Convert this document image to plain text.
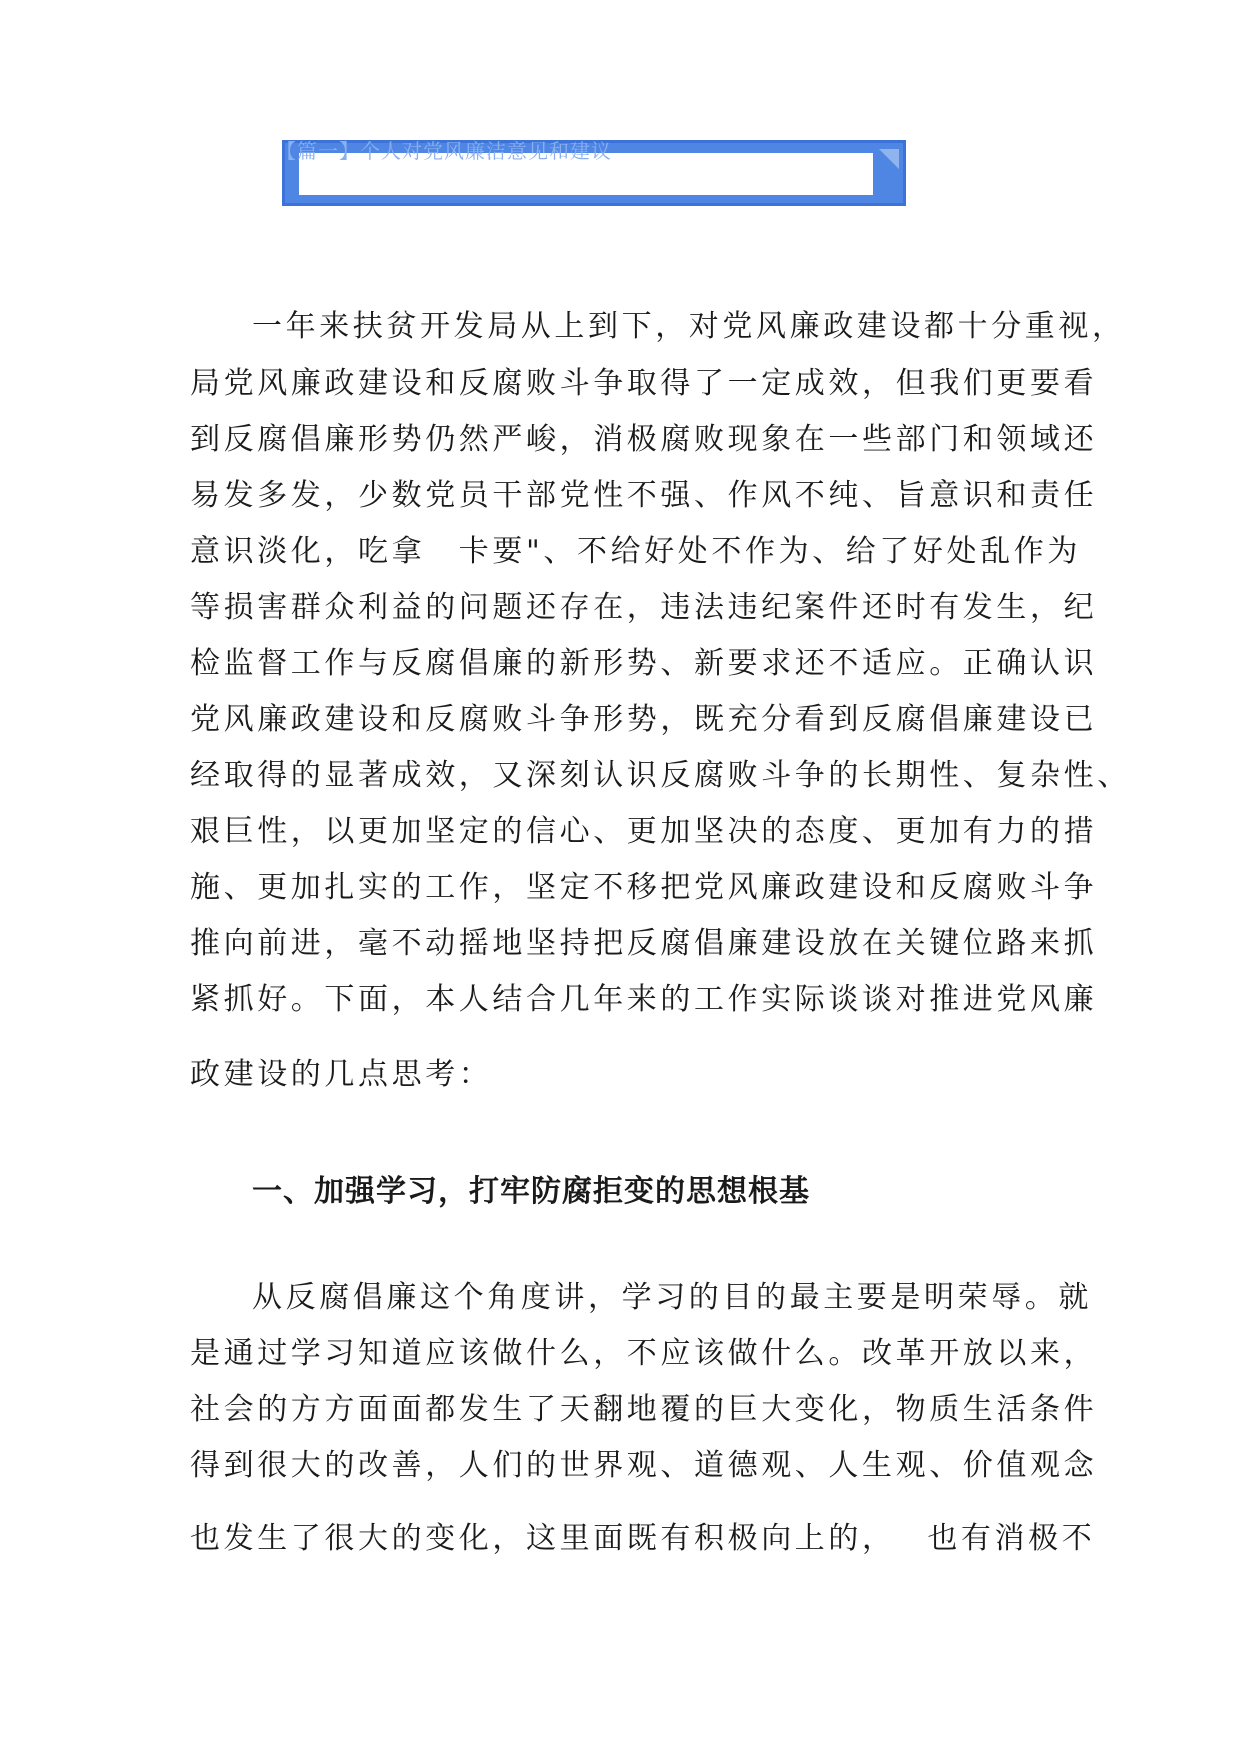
【篇一】个人对党风廉洁意见和建议

一年来扶贫开发局从上到下，对党风廉政建设都十分重视，

局党风廉政建设和反腐败斗争取得了一定成效，但我们更要看

到反腐倡廉形势仍然严峻，消极腐败现象在一些部门和领域还

易发多发，少数党员干部党性不强、作风不纯、旨意识和责任

意识淡化，吃拿　卡要"、不给好处不作为、给了好处乱作为

等损害群众利益的问题还存在，违法违纪案件还时有发生，纪

检监督工作与反腐倡廉的新形势、新要求还不适应。正确认识

党风廉政建设和反腐败斗争形势，既充分看到反腐倡廉建设已

经取得的显著成效，又深刻认识反腐败斗争的长期性、复杂性、

艰巨性，以更加坚定的信心、更加坚决的态度、更加有力的措

施、更加扎实的工作，坚定不移把党风廉政建设和反腐败斗争

推向前进，毫不动摇地坚持把反腐倡廉建设放在关键位路来抓

紧抓好。下面，本人结合几年来的工作实际谈谈对推进党风廉

政建设的几点思考：

一、加强学习，打牢防腐拒变的思想根基

从反腐倡廉这个角度讲，学习的目的最主要是明荣辱。就

是通过学习知道应该做什么，不应该做什么。改革开放以来，

社会的方方面面都发生了天翻地覆的巨大变化，物质生活条件

得到很大的改善，人们的世界观、道德观、人生观、价值观念

也发生了很大的变化，这里面既有积极向上的，　 也有消极不
